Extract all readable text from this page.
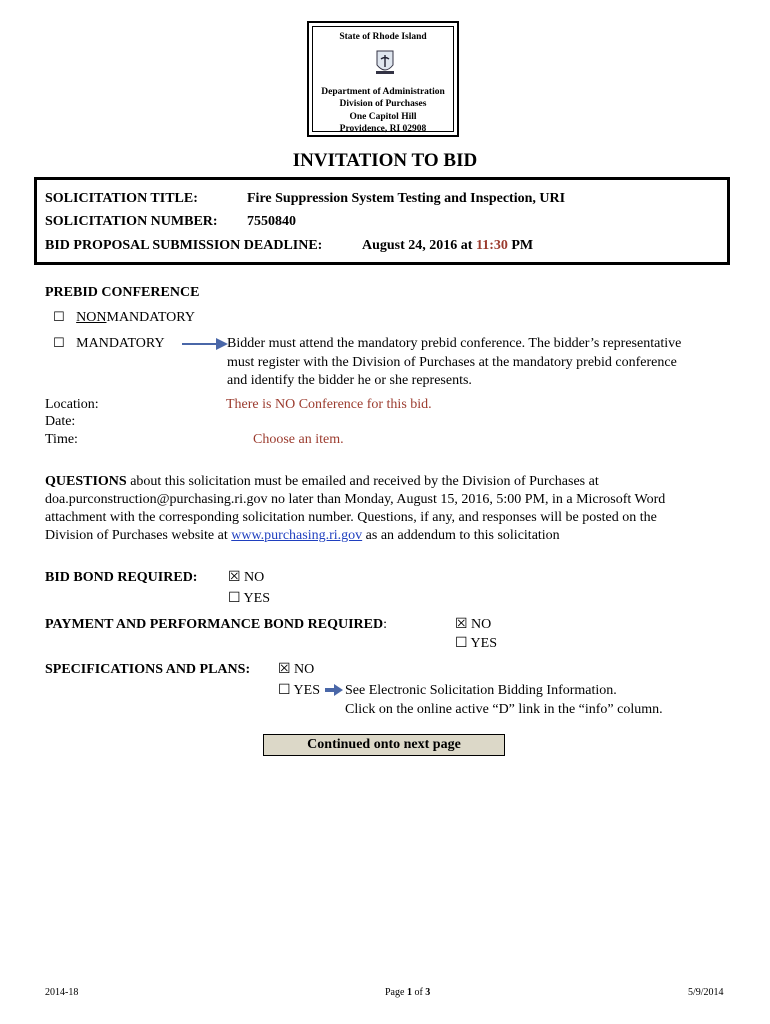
State of Rhode Island
Department of Administration
Division of Purchases
One Capitol Hill
Providence, RI 02908
INVITATION TO BID
SOLICITATION TITLE:	Fire Suppression System Testing and Inspection, URI
SOLICITATION NUMBER: 7550840
BID PROPOSAL SUBMISSION DEADLINE:	August 24, 2016 at 11:30 PM
PREBID CONFERENCE
☐ NONMANDATORY
☐ MANDATORY	Bidder must attend the mandatory prebid conference. The bidder’s representative
must register with the Division of Purchases at the mandatory prebid conference
and identify the bidder he or she represents.
Location:	There is NO Conference for this bid.
Date:
Time:	Choose an item.
QUESTIONS about this solicitation must be emailed and received by the Division of Purchases at
doa.purconstruction@purchasing.ri.gov no later than Monday, August 15, 2016, 5:00 PM, in a Microsoft Word
attachment with the corresponding solicitation number. Questions, if any, and responses will be posted on the
Division of Purchases website at www.purchasing.ri.gov as an addendum to this solicitation
BID BOND REQUIRED: ☒ NO
☐ YES
PAYMENT AND PERFORMANCE BOND REQUIRED:	☒ NO
☐ YES
SPECIFICATIONS AND PLANS: ☒ NO
☐ YES See Electronic Solicitation Bidding Information.
Click on the online active “D” link in the “info” column.
Continued onto next page
2014-18	Page 1 of 3	5/9/2014
